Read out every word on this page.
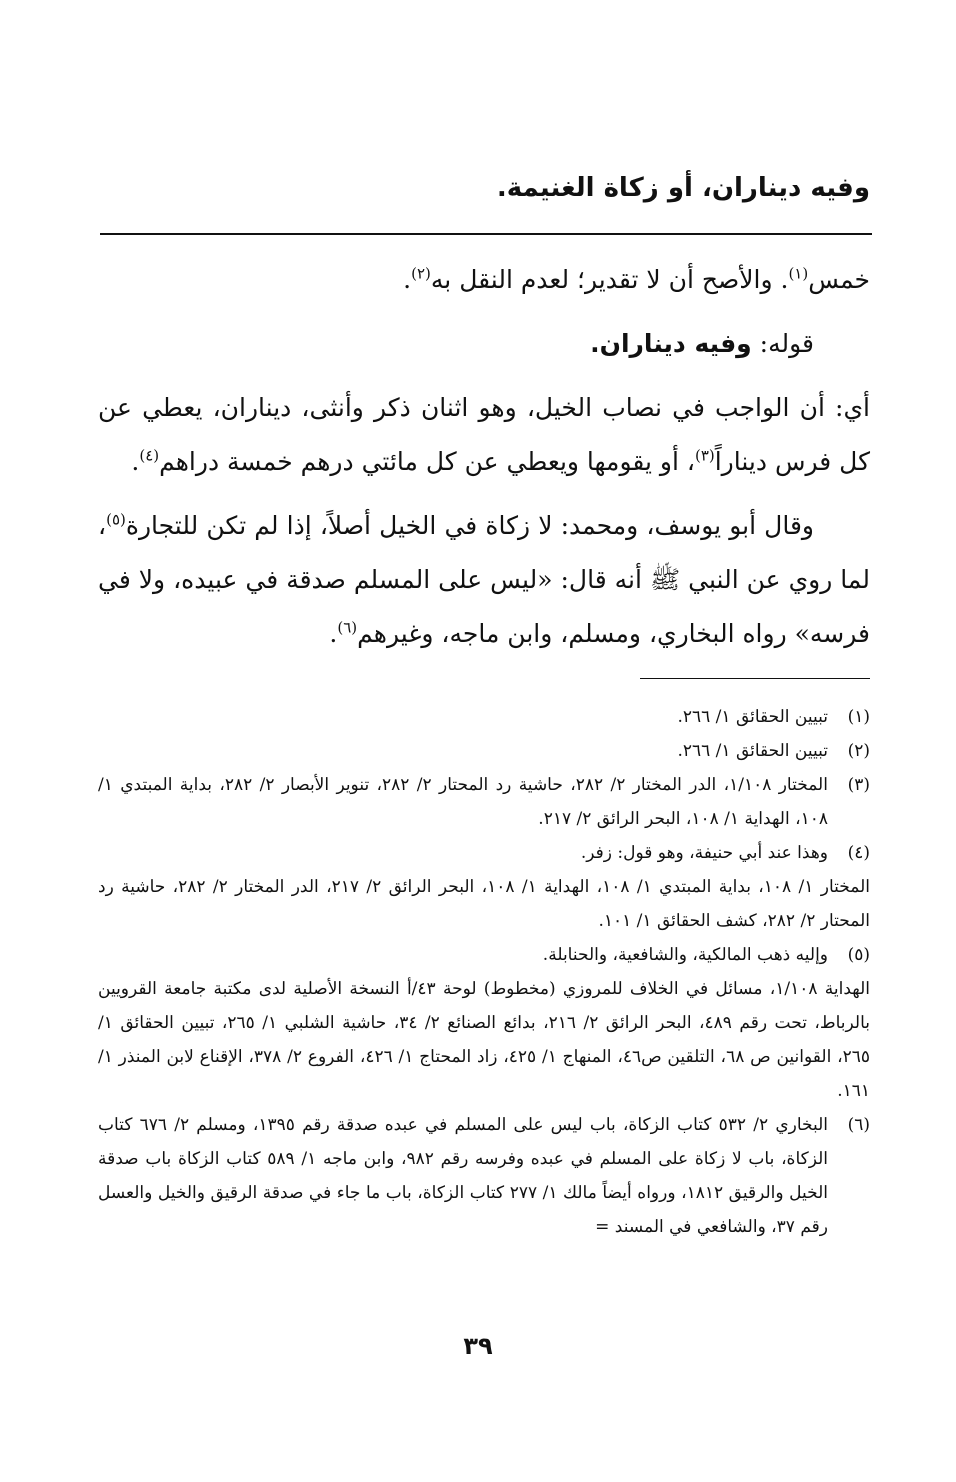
وفيه ديناران، أو زكاة الغنيمة.

خمس$^{(١)}$. والأصح أن لا تقدير؛ لعدم النقل به$^{(٢)}$.

قوله: وفيه ديناران.

أي: أن الواجب في نصاب الخيل، وهو اثنان ذكر وأنثى، ديناران، يعطي عن كل فرس ديناراً$^{(٣)}$، أو يقومها ويعطي عن كل مائتي درهم خمسة دراهم$^{(٤)}$.

وقال أبو يوسف، ومحمد: لا زكاة في الخيل أصلاً، إذا لم تكن للتجارة$^{(٥)}$، لما روي عن النبي ﷺ أنه قال: «ليس على المسلم صدقة في عبيده، ولا في فرسه» رواه البخاري، ومسلم، وابن ماجه، وغيرهم$^{(٦)}$.

(١)

تبيين الحقائق ١/ ٢٦٦.

(٢)

تبيين الحقائق ١/ ٢٦٦.

(٣)

المختار ١/١٠٨، الدر المختار ٢/ ٢٨٢، حاشية رد المحتار ٢/ ٢٨٢، تنوير الأبصار ٢/ ٢٨٢، بداية المبتدي ١/ ١٠٨، الهداية ١/ ١٠٨، البحر الرائق ٢/ ٢١٧.

(٤)

وهذا عند أبي حنيفة، وهو قول: زفر.

المختار ١/ ١٠٨، بداية المبتدي ١/ ١٠٨، الهداية ١/ ١٠٨، البحر الرائق ٢/ ٢١٧، الدر المختار ٢/ ٢٨٢، حاشية رد المحتار ٢/ ٢٨٢، كشف الحقائق ١/ ١٠١.

(٥)

وإليه ذهب المالكية، والشافعية، والحنابلة.

الهداية ١/١٠٨، مسائل في الخلاف للمروزي (مخطوط) لوحة ٤٣/أ النسخة الأصلية لدى مكتبة جامعة القرويين بالرباط، تحت رقم ٤٨٩، البحر الرائق ٢/ ٢١٦، بدائع الصنائع ٢/ ٣٤، حاشية الشلبي ١/ ٢٦٥، تبيين الحقائق ١/ ٢٦٥، القوانين ص ٦٨، التلقين ص٤٦، المنهاج ١/ ٤٢٥، زاد المحتاج ١/ ٤٢٦، الفروع ٢/ ٣٧٨، الإقناع لابن المنذر ١/ ١٦١.

(٦)

البخاري ٢/ ٥٣٢ كتاب الزكاة، باب ليس على المسلم في عبده صدقة رقم ١٣٩٥، ومسلم ٢/ ٦٧٦ كتاب الزكاة، باب لا زكاة على المسلم في عبده وفرسه رقم ٩٨٢، وابن ماجه ١/ ٥٨٩ كتاب الزكاة باب صدقة الخيل والرقيق ١٨١٢، ورواه أيضاً مالك ١/ ٢٧٧ كتاب الزكاة، باب ما جاء في صدقة الرقيق والخيل والعسل رقم ٣٧، والشافعي في المسند =

٣٩
